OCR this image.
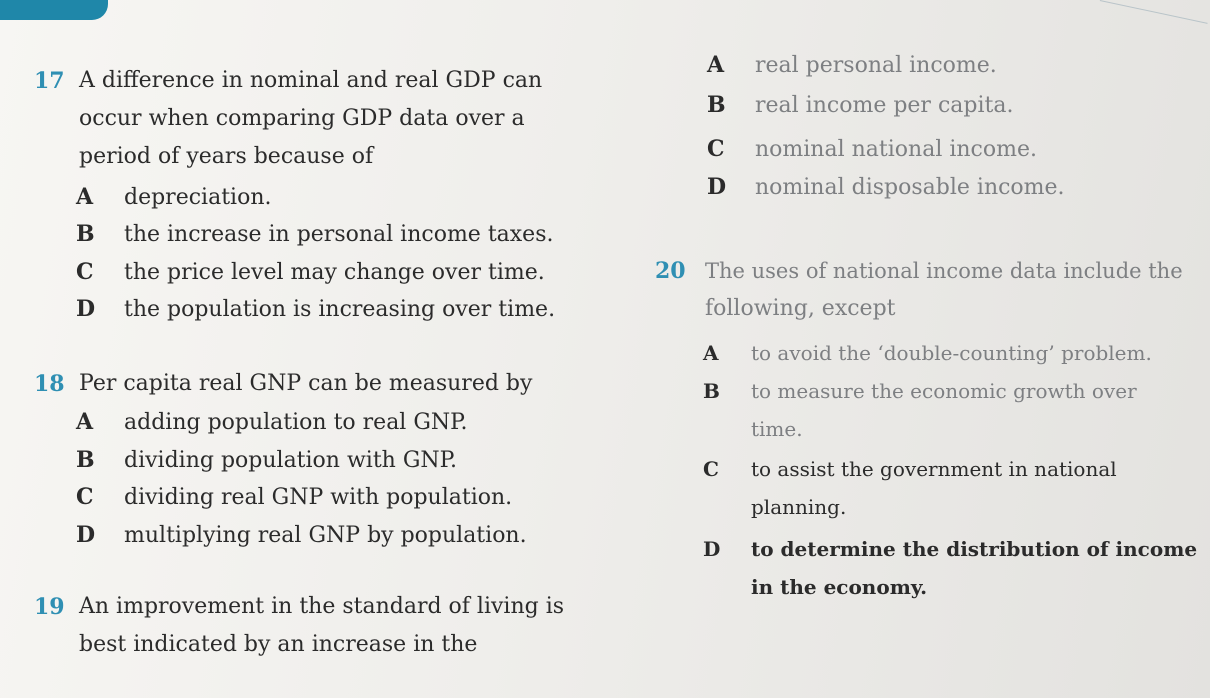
17 A difference in nominal and real GDP can
occur when comparing GDP data over a
period of years because of
A depreciation.
B the increase in personal income taxes.
C the price level may change over time.
D the population is increasing over time.
18 Per capita real GNP can be measured by
A adding population to real GNP.
B dividing population with GNP.
C dividing real GNP with population.
D multiplying real GNP by population.
19 An improvement in the standard of living is
best indicated by an increase in the
A real personal income.
B real income per capita.
C nominal national income.
D nominal disposable income.
20 The uses of national income data include the
following, except
A to avoid the ‘double-counting’ problem.
B to measure the economic growth over
time.
C to assist the government in national
planning.
D to determine the distribution of income
in the economy.
